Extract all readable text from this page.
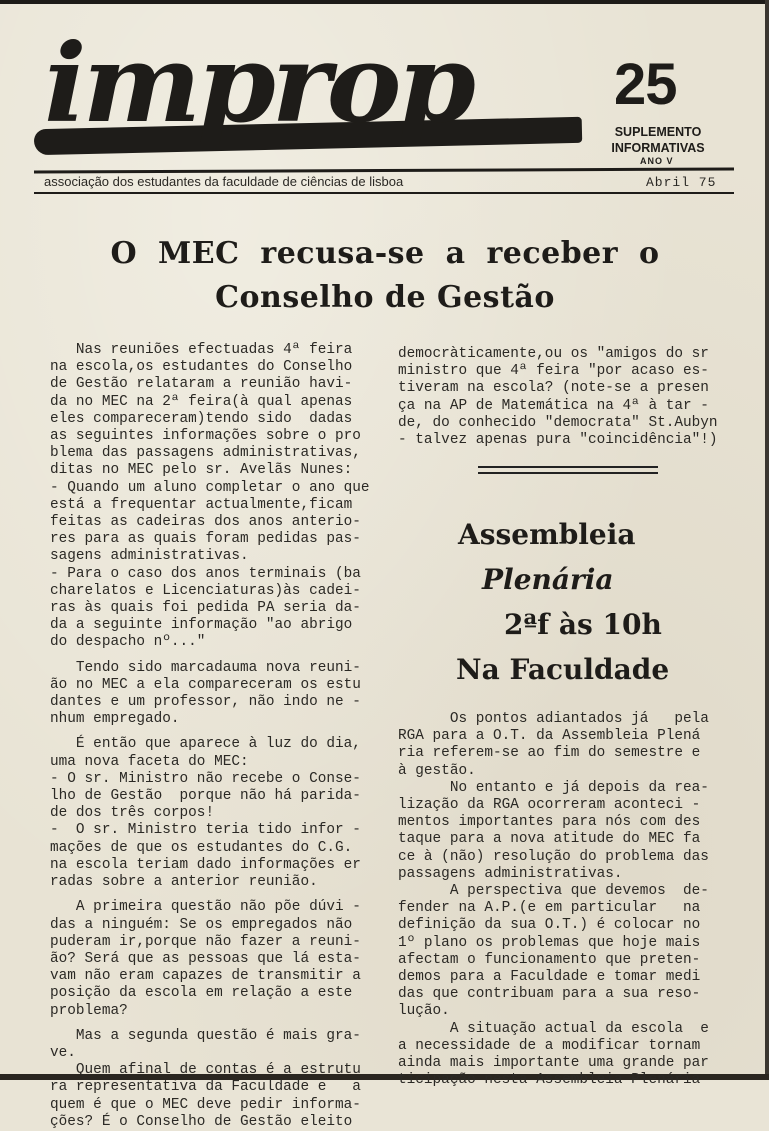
improp 25
SUPLEMENTO
INFORMATIVAS
ANO V
associação dos estudantes da faculdade de ciências de lisboa	Abril 75
O MEC recusa-se a receber o
Conselho de Gestão
Nas reuniões efectuadas 4ª feira
na escola,os estudantes do Conselho
de Gestão relataram a reunião havi-
da no MEC na 2ª feira(à qual apenas
eles compareceram)tendo sido  dadas
as seguintes informações sobre o pro
blema das passagens administrativas,
ditas no MEC pelo sr. Avelãs Nunes:
- Quando um aluno completar o ano que
está a frequentar actualmente,ficam
feitas as cadeiras dos anos anterio-
res para as quais foram pedidas pas-
sagens administrativas.
- Para o caso dos anos terminais (ba
charelatos e Licenciaturas)às cadei-
ras às quais foi pedida PA seria da-
da a seguinte informação "ao abrigo
do despacho nº..."
Tendo sido marcadauma nova reuni-
ão no MEC a ela compareceram os estu
dantes e um professor, não indo ne -
nhum empregado.
É então que aparece à luz do dia,
uma nova faceta do MEC:
- O sr. Ministro não recebe o Conse-
lho de Gestão  porque não há parida-
de dos três corpos!
-  O sr. Ministro teria tido infor -
mações de que os estudantes do C.G.
na escola teriam dado informações er
radas sobre a anterior reunião.
A primeira questão não põe dúvi -
das a ninguém: Se os empregados não
puderam ir,porque não fazer a reuni-
ão? Será que as pessoas que lá esta-
vam não eram capazes de transmitir a
posição da escola em relação a este
problema?
Mas a segunda questão é mais gra-
ve.
Quem afinal de contas é a estrutu
ra representativa da Faculdade e   a
quem é que o MEC deve pedir informa-
ções? É o Conselho de Gestão eleito
democràticamente,ou os "amigos do sr
ministro que 4ª feira "por acaso es-
tiveram na escola? (note-se a presen
ça na AP de Matemática na 4ª à tar -
de, do conhecido "democrata" St.Aubyn
- talvez apenas pura "coincidência"!)
Assembleia
Plenária
2ªf às 10h
Na Faculdade
Os pontos adiantados já   pela
RGA para a O.T. da Assembleia Plená
ria referem-se ao fim do semestre e
à gestão.
No entanto e já depois da rea-
lização da RGA ocorreram aconteci -
mentos importantes para nós com des
taque para a nova atitude do MEC fa
ce à (não) resolução do problema das
passagens administrativas.
A perspectiva que devemos  de-
fender na A.P.(e em particular   na
definição da sua O.T.) é colocar no
1º plano os problemas que hoje mais
afectam o funcionamento que preten-
demos para a Faculdade e tomar medi
das que contribuam para a sua reso-
lução.
A situação actual da escola  e
a necessidade de a modificar tornam
ainda mais importante uma grande par
ticipação nesta Assembleia Plenária
